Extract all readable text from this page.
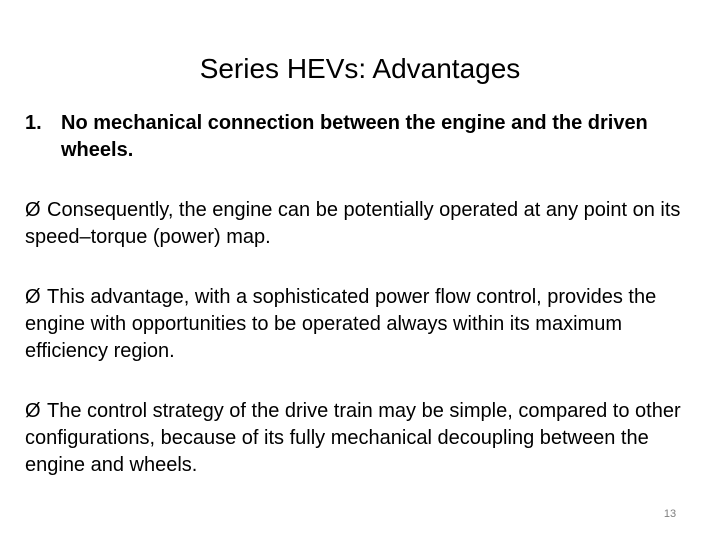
Series HEVs: Advantages
1. No mechanical connection between the engine and the driven wheels.
Ø Consequently, the engine can be potentially operated at any point on its speed–torque (power) map.
Ø This advantage, with a sophisticated power flow control, provides the engine with opportunities to be operated always within its maximum efficiency region.
Ø The control strategy of the drive train may be simple, compared to other configurations, because of its fully mechanical decoupling between the engine and wheels.
13
